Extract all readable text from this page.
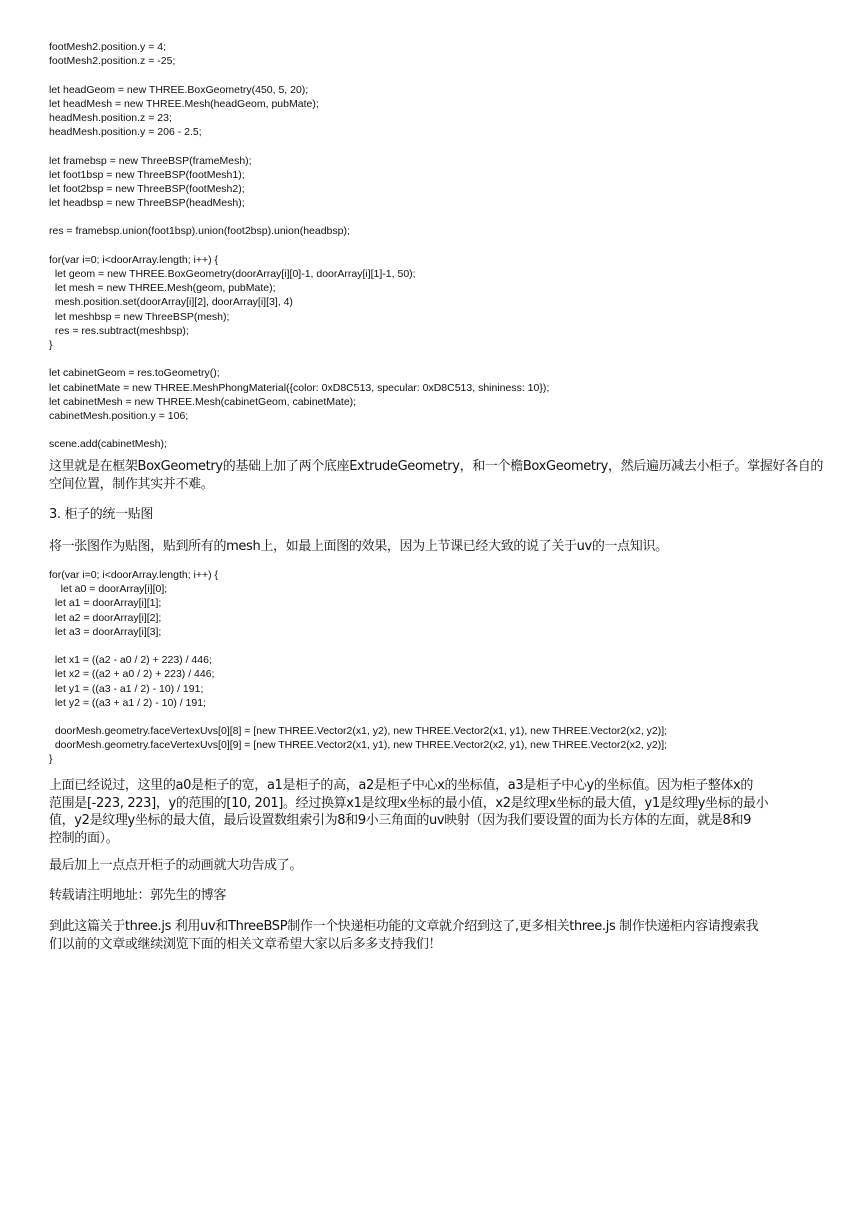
footMesh2.position.y = 4;
footMesh2.position.z = -25;
let headGeom = new THREE.BoxGeometry(450, 5, 20);
let headMesh = new THREE.Mesh(headGeom, pubMate);
headMesh.position.z = 23;
headMesh.position.y = 206 - 2.5;
let framebsp = new ThreeBSP(frameMesh);
let foot1bsp = new ThreeBSP(footMesh1);
let foot2bsp = new ThreeBSP(footMesh2);
let headbsp = new ThreeBSP(headMesh);
res = framebsp.union(foot1bsp).union(foot2bsp).union(headbsp);
for(var i=0; i<doorArray.length; i++) {
let geom = new THREE.BoxGeometry(doorArray[i][0]-1, doorArray[i][1]-1, 50);
let mesh = new THREE.Mesh(geom, pubMate);
mesh.position.set(doorArray[i][2], doorArray[i][3], 4)
let meshbsp = new ThreeBSP(mesh);
res = res.subtract(meshbsp);
}
let cabinetGeom = res.toGeometry();
let cabinetMate = new THREE.MeshPhongMaterial({color: 0xD8C513, specular: 0xD8C513, shininess: 10});
let cabinetMesh = new THREE.Mesh(cabinetGeom, cabinetMate);
cabinetMesh.position.y = 106;
scene.add(cabinetMesh);
这里就是在框架BoxGeometry的基础上加了两个底座ExtrudeGeometry，和一个檐BoxGeometry，然后遍历减去小柜子。掌握好各自的空间位置，制作其实并不难。
3. 柜子的统一贴图
将一张图作为贴图，贴到所有的mesh上，如最上面图的效果，因为上节课已经大致的说了关于uv的一点知识。
for(var i=0; i<doorArray.length; i++) {
let a0 = doorArray[i][0];
let a1 = doorArray[i][1];
let a2 = doorArray[i][2];
let a3 = doorArray[i][3];
let x1 = ((a2 - a0 / 2) + 223) / 446;
let x2 = ((a2 + a0 / 2) + 223) / 446;
let y1 = ((a3 - a1 / 2) - 10) / 191;
let y2 = ((a3 + a1 / 2) - 10) / 191;
doorMesh.geometry.faceVertexUvs[0][8] = [new THREE.Vector2(x1, y2), new THREE.Vector2(x1, y1), new THREE.Vector2(x2, y2)];
doorMesh.geometry.faceVertexUvs[0][9] = [new THREE.Vector2(x1, y1), new THREE.Vector2(x2, y1), new THREE.Vector2(x2, y2)];
}
上面已经说过，这里的a0是柜子的宽，a1是柜子的高，a2是柜子中心x的坐标值，a3是柜子中心y的坐标值。因为柜子整体x的
范围是[-223, 223]，y的范围的[10, 201]。经过换算x1是纹理x坐标的最小值，x2是纹理x坐标的最大值，y1是纹理y坐标的最小
值，y2是纹理y坐标的最大值，最后设置数组索引为8和9小三角面的uv映射（因为我们要设置的面为长方体的左面，就是8和9
控制的面）。
最后加上一点点开柜子的动画就大功告成了。
转载请注明地址：郭先生的博客
到此这篇关于three.js 利用uv和ThreeBSP制作一个快递柜功能的文章就介绍到这了,更多相关three.js 制作快递柜内容请搜索我
们以前的文章或继续浏览下面的相关文章希望大家以后多多支持我们！
